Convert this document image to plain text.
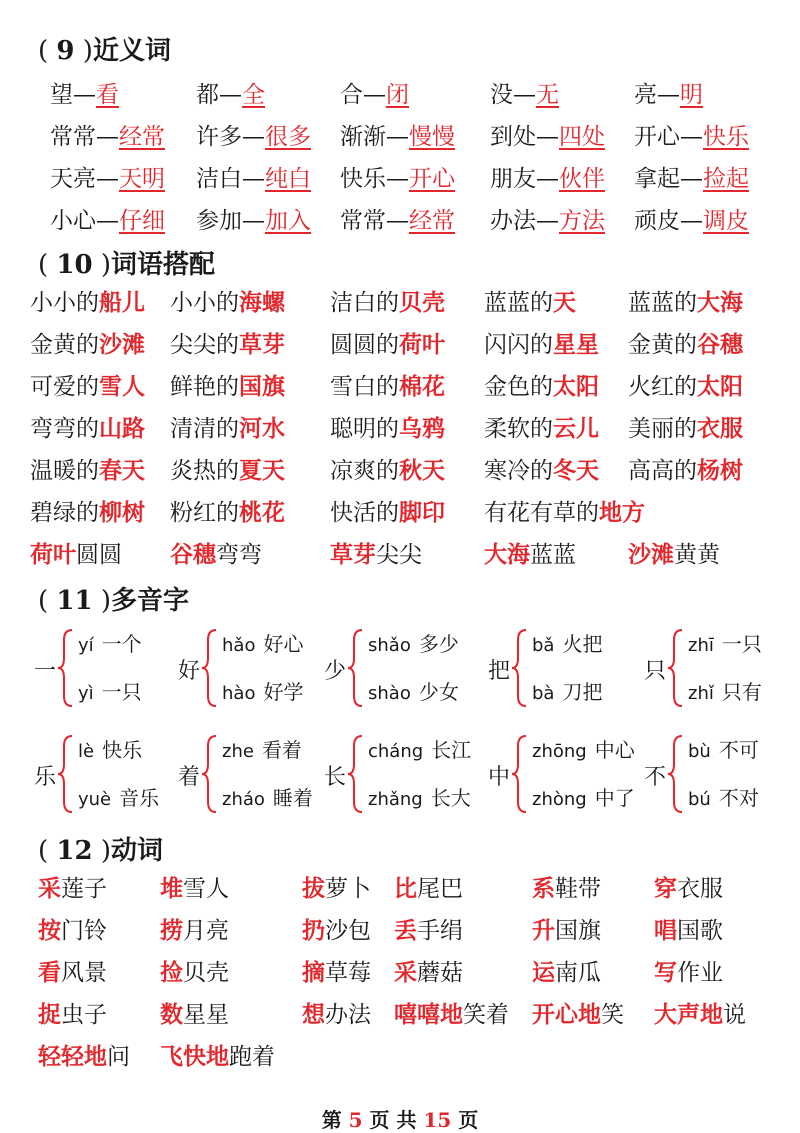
( 9 )近义词
望—看	都—全	合—闭	没—无	亮—明
常常—经常 许多—很多 渐渐—慢慢 到处—四处 开心—快乐
天亮—天明 洁白—纯白 快乐—开心 朋友—伙伴 拿起—捡起
小心—仔细 参加—加入 常常—经常 办法—方法 顽皮—调皮
( 10 )词语搭配
小小的船儿 小小的海螺 洁白的贝壳 蓝蓝的天 蓝蓝的大海
金黄的沙滩 尖尖的草芽 圆圆的荷叶 闪闪的星星 金黄的谷穗
可爱的雪人 鲜艳的国旗 雪白的棉花 金色的太阳 火红的太阳
弯弯的山路 清清的河水 聪明的乌鸦 柔软的云儿 美丽的衣服
温暖的春天 炎热的夏天 凉爽的秋天 寒冷的冬天 高高的杨树
碧绿的柳树 粉红的桃花 快活的脚印 有花有草的地方
荷叶圆圆 谷穗弯弯	草芽尖尖	大海蓝蓝 沙滩黄黄
( 11 )多音字
一
yí 一个
yì 一只
好
hǎo 好心
hào 好学
少
shǎo 多少
shào 少女
把
bǎ 火把
bà 刀把
只
zhī 一只
zhǐ 只有
乐
lè 快乐
yuè 音乐
着
zhe 看着
zháo 睡着
长
cháng 长江
zhǎng 长大
中
zhōng 中心
zhòng 中了
不
bù 不可
bú 不对
( 12 )动词
采莲子 堆雪人	拔萝卜 比尾巴	系鞋带 穿衣服
按门铃 捞月亮	扔沙包 丢手绢	升国旗 唱国歌
看风景 捡贝壳	摘草莓 采蘑菇	运南瓜 写作业
捉虫子 数星星	想办法 嘻嘻地笑着 开心地笑 大声地说
轻轻地问 飞快地跑着
第 5 页 共 15 页
